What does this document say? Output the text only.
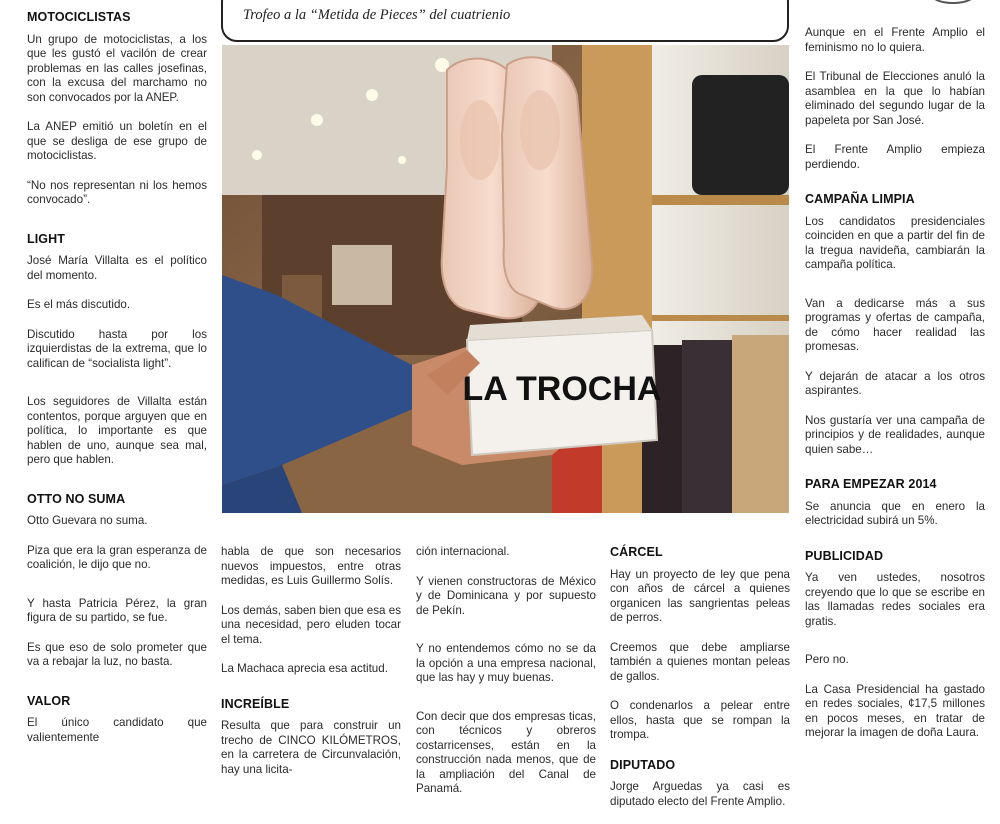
Trofeo a la “Metida de Pieces” del cuatrienio
LA TROCHA
MOTOCICLISTAS

Un grupo de motociclistas, a los que les gustó el vacilón de crear problemas en las calles josefinas, con la excusa del marchamo no son convocados por la ANEP.

La ANEP emitió un boletín en el que se desliga de ese grupo de motociclistas.

“No nos representan ni los hemos convocado”.

LIGHT

José María Villalta es el político del momento.

Es el más discutido.

Discutido hasta por los izquierdistas de la extrema, que lo califican de “socialista light”.

Los seguidores de Villalta están contentos, porque arguyen que en política, lo importante es que hablen de uno, aunque sea mal, pero que hablen.

OTTO NO SUMA

Otto Guevara no suma.

Piza que era la gran esperanza de coalición, le dijo que no.

Y hasta Patricia Pérez, la gran figura de su partido, se fue.

Es que eso de solo prometer que va a rebajar la luz, no basta.

VALOR

El único candidato que valientemente

habla de que son necesarios nuevos impuestos, entre otras medidas, es Luis Guillermo Solís.

Los demás, saben bien que esa es una necesidad, pero eluden tocar el tema.

La Machaca aprecia esa actitud.

INCREÍBLE

Resulta que para construir un trecho de CINCO KILÓMETROS, en la carretera de Circunvalación, hay una licita-

ción internacional.

Y vienen constructoras de México y de Dominicana y por supuesto de Pekín.

Y no entendemos cómo no se da la opción a una empresa nacional, que las hay y muy buenas.

Con decir que dos empresas ticas, con técnicos y obreros costarricenses, están en la construcción nada menos, que de la ampliación del Canal de Panamá.

CÁRCEL

Hay un proyecto de ley que pena con años de cárcel a quienes organicen las sangrientas peleas de perros.

Creemos que debe ampliarse también a quienes montan peleas de gallos.

O condenarlos a pelear entre ellos, hasta que se rompan la trompa.

DIPUTADO

Jorge Arguedas ya casi es diputado electo del Frente Amplio.

Aunque en el Frente Amplio el feminismo no lo quiera.

El Tribunal de Elecciones anuló la asamblea en la que lo habían eliminado del segundo lugar de la papeleta por San José.

El Frente Amplio empieza perdiendo.

CAMPAÑA LIMPIA

Los candidatos presidenciales coinciden en que a partir del fin de la tregua navideña, cambiarán la campaña política.

Van a dedicarse más a sus programas y ofertas de campaña, de cómo hacer realidad las promesas.

Y dejarán de atacar a los otros aspirantes.

Nos gustaría ver una campaña de principios y de realidades, aunque quien sabe…

PARA EMPEZAR 2014

Se anuncia que en enero la electricidad subirá un 5%.

PUBLICIDAD

Ya ven ustedes, nosotros creyendo que lo que se escribe en las llamadas redes sociales era gratis.

Pero no.

La Casa Presidencial ha gastado en redes sociales, ¢17,5 millones en pocos meses, en tratar de mejorar la imagen de doña Laura.
